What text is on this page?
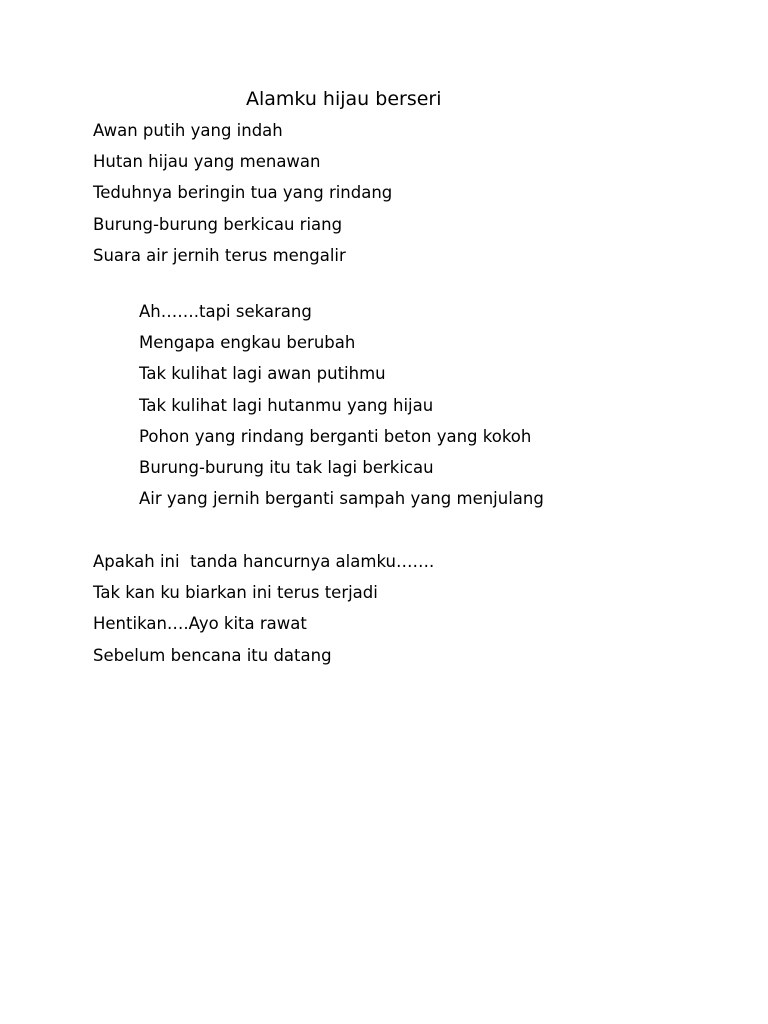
Alamku hijau berseri
Awan putih yang indah
Hutan hijau yang menawan
Teduhnya beringin tua yang rindang
Burung-burung berkicau riang
Suara air jernih terus mengalir
Ah…….tapi sekarang
Mengapa engkau berubah
Tak kulihat lagi awan putihmu
Tak kulihat lagi hutanmu yang hijau
Pohon yang rindang berganti beton yang kokoh
Burung-burung itu tak lagi berkicau
Air yang jernih berganti sampah yang menjulang
Apakah ini  tanda hancurnya alamku…….
Tak kan ku biarkan ini terus terjadi
Hentikan….Ayo kita rawat
Sebelum bencana itu datang
